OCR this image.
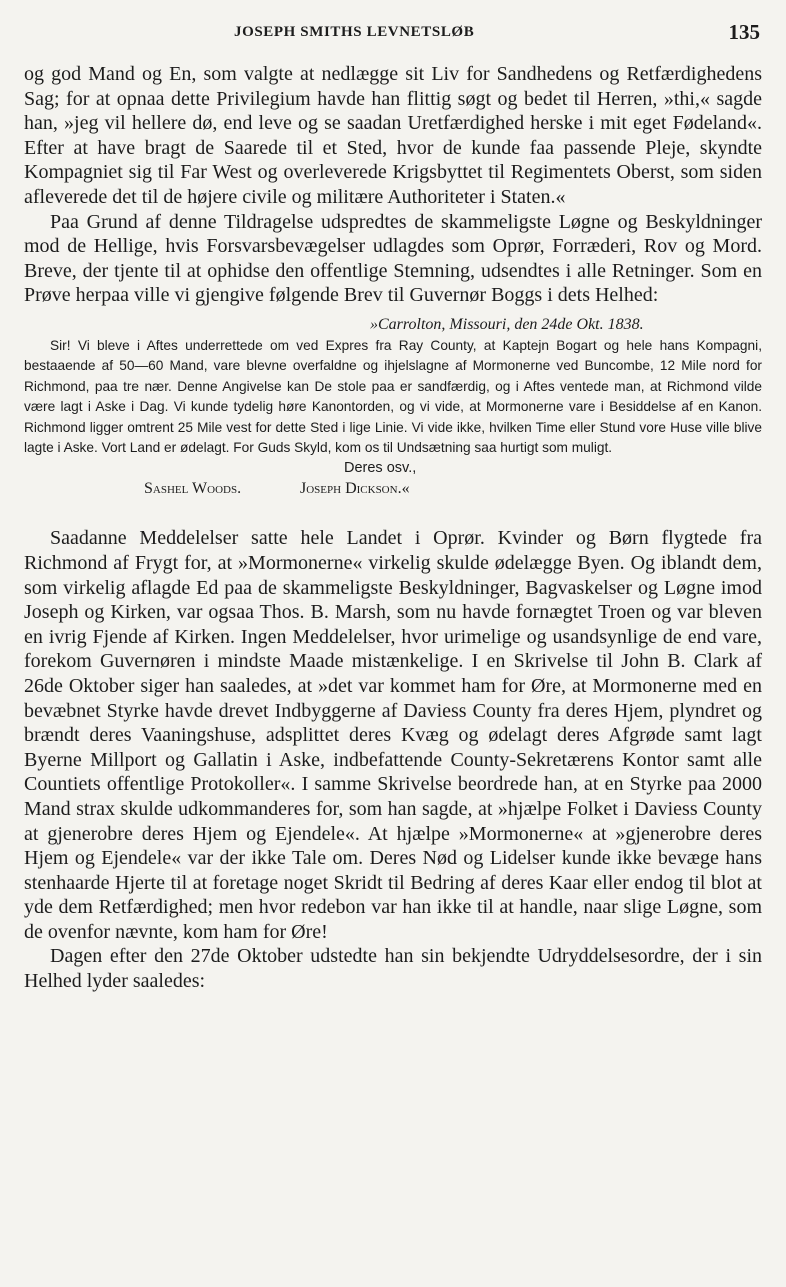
JOSEPH SMITHS LEVNETSLØB	135

og god Mand og En, som valgte at nedlægge sit Liv for Sandhedens og Retfærdighedens Sag; for at opnaa dette Privilegium havde han flittig søgt og bedet til Herren, »thi,« sagde han, »jeg vil hellere dø, end leve og se saadan Uretfærdighed herske i mit eget Fødeland«. Efter at have bragt de Saarede til et Sted, hvor de kunde faa passende Pleje, skyndte Kompagniet sig til Far West og overleverede Krigsbyttet til Regimentets Oberst, som siden afleverede det til de højere civile og militære Authoriteter i Staten.«

Paa Grund af denne Tildragelse udspredtes de skammeligste Løgne og Beskyldninger mod de Hellige, hvis Forsvarsbevægelser udlagdes som Oprør, Forræderi, Rov og Mord. Breve, der tjente til at ophidse den offentlige Stemning, udsendtes i alle Retninger. Som en Prøve herpaa ville vi gjengive følgende Brev til Guvernør Boggs i dets Helhed:

»Carrolton, Missouri, den 24de Okt. 1838.

Sir! Vi bleve i Aftes underrettede om ved Expres fra Ray County, at Kaptejn Bogart og hele hans Kompagni, bestaaende af 50—60 Mand, vare blevne overfaldne og ihjelslagne af Mormonerne ved Buncombe, 12 Mile nord for Richmond, paa tre nær. Denne Angivelse kan De stole paa er sandfærdig, og i Aftes ventede man, at Richmond vilde være lagt i Aske i Dag. Vi kunde tydelig høre Kanontorden, og vi vide, at Mormonerne vare i Besiddelse af en Kanon. Richmond ligger omtrent 25 Mile vest for dette Sted i lige Linie. Vi vide ikke, hvilken Time eller Stund vore Huse ville blive lagte i Aske. Vort Land er ødelagt. For Guds Skyld, kom os til Undsætning saa hurtigt som muligt.

Deres osv.,

Sashel Woods.	Joseph Dickson.«

Saadanne Meddelelser satte hele Landet i Oprør. Kvinder og Børn flygtede fra Richmond af Frygt for, at »Mormonerne« virkelig skulde ødelægge Byen. Og iblandt dem, som virkelig aflagde Ed paa de skammeligste Beskyldninger, Bagvaskelser og Løgne imod Joseph og Kirken, var ogsaa Thos. B. Marsh, som nu havde fornægtet Troen og var bleven en ivrig Fjende af Kirken. Ingen Meddelelser, hvor urimelige og usandsynlige de end vare, forekom Guvernøren i mindste Maade mistænkelige. I en Skrivelse til John B. Clark af 26de Oktober siger han saaledes, at »det var kommet ham for Øre, at Mormonerne med en bevæbnet Styrke havde drevet Indbyggerne af Daviess County fra deres Hjem, plyndret og brændt deres Vaaningshuse, adsplittet deres Kvæg og ødelagt deres Afgrøde samt lagt Byerne Millport og Gallatin i Aske, indbefattende County-Sekretærens Kontor samt alle Countiets offentlige Protokoller«. I samme Skrivelse beordrede han, at en Styrke paa 2000 Mand strax skulde udkommanderes for, som han sagde, at »hjælpe Folket i Daviess County at gjenerobre deres Hjem og Ejendele«. At hjælpe »Mormonerne« at »gjenerobre deres Hjem og Ejendele« var der ikke Tale om. Deres Nød og Lidelser kunde ikke bevæge hans stenhaarde Hjerte til at foretage noget Skridt til Bedring af deres Kaar eller endog til blot at yde dem Retfærdighed; men hvor redebon var han ikke til at handle, naar slige Løgne, som de ovenfor nævnte, kom ham for Øre!

Dagen efter den 27de Oktober udstedte han sin bekjendte Udryddelsesordre, der i sin Helhed lyder saaledes:
